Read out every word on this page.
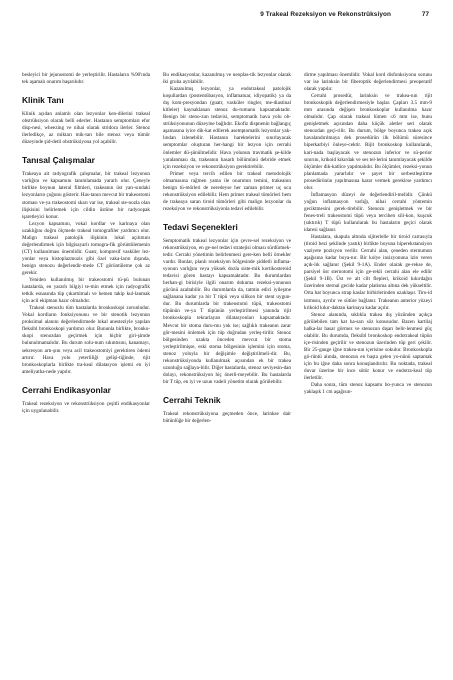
9 Trakeal Rezeksiyon ve Rekonstrüksiyon	77

besleyici bir jejunostomi de yerleştirilir. Hastaların %90'ında tek aşamalı onarım başarılıdır.

Klinik Tanı

Klinik açıdan anlamlı olan lezyonlar ken-dilerini trakeal obstrüksiyon olarak belli ederler. Hastanın semptomları efor disp-nesi, wheezing ve nihai olarak stridora ilerler. Stenoz ilerledikçe, az miktarı mik-tarı bile stenoz veya tümör düzeyinde şid-detli obstrüksiyona yol açabilir.

Tanısal Çalışmalar

Trakeaya ait radyografik çalışmalar, bir trakeal lezyonun varlığını ve kapsamını tanımlamada yararlı olur. Çeneyle birlikte boynun lateral filmleri, trakeanın üst yarı-sındaki lezyonların çoğunu gösterir. Has-tanın mevcut bir trakeostomi stoması ve-ya trakeostomi skarı var ise, trakeal ste-nozla olan ilişkisini belirlemek için cildin üstüne bir radyoopak işaretleyici konur.

Lezyon kapsamını, vokal kordlar ve karinaya olan uzaklığını doğru ölçmede trakeal tomografiler yardımcı olur. Malign trakeal patolojik ilişkinin lokal açılımını değerlendirmek için bilgisayarlı tomogra-fik görüntülemenin (CT) kullanılması önemlidir. Guatr, kompresif vasküler lez-yonlar veya histoplazmozis gibi özel vaka-ların dışında, benign stenozu değerlendir-mede CT görüntüleme çok az gerekir.

Yeniden kullanılmış bir trakeostomi tü-pü bulunan hastalarda, en yararlı bilgiyi te-min etmek için radyografik tetkik esnasında tüp çıkartılmalı ve hemen takip kul-lanmak için acil ekipman hazır olmalıdır.

Trakeal stenozlu tüm hastalarda bronkoskopi zorunludur. Vokal kordların fonksiyonunu ve bir stenotik lezyonun proksimal alanını değerlendirmede lokal anesteziyle yapılan fleksibl bronkoskopi yardımcı olur. Bununla birlikte, bronko-skopi stenozdan geçirmek için hiçbir giri-şimde bulunulmamalıdır. Bu durum solu-num sıkıntısını, kanamayı, sekresyon artı-şını veya acil trakeostomiyi gerektiren ödemi artırır. Hava yolu yeterliliği gelişi-tiğinde, rijit bronkoskoplarla birlikte tra-keal dilatasyon işlemi en iyi ameliyatha-nede yapılır.

Cerrahi Endikasyonlar

Trakeal rezeksiyon ve rekonstrüksiyon çeşitli endikasyonlar için uygulanabilir.

Bu endikasyonlar, kazanılmış ve neoplas-tik lezyonlar olarak iki gruba ayrılabilir.

Kazanılmış lezyonlar, ya endotrakeal patolojik koşullardan (postentübasyon, inflamatuar, idiyopatik) ya da dış kom-presyondan (guatr, vasküler ringler, me-diastinal kitleler) kaynaklanan stenoz du-rumunu kapsamaktadır. Benign bir steno-zun tedavisi, semptomatik hava yolu ob-strüksiyonunun düzeyine bağlıdır. Ekofiz dispnenin bağlangıç aşamasına iyice dik-kat edilerek asemptomatik lezyonlar yak-lından izlenebilir. Hastanın harektelerini sınırlayacak semptomlar oluşturan her-hangi bir lezyon için cerrahi önlemler dü-şünülmelidir. Hava yolunun travmatik şe-kilde yaralanması da, trakeanın hasarlı bölümünü debride etmek için rezeksiyon ve rekonstrüksiyon gerektirebilir.

Primer veya tercih edilen bir trakeal metodolojik olmamasına rağmen yama ile onarımın temini, trakeanın benign tü-mörleri de neredeyse her zaman primer uç uca rekonstrüksiyon edilebilir. Hem primer trakeal tümörleri hem de trakeaya saran tiroid tümörleri gibi malign lezyonlar da rezeksiyon ve rekonstrüksiyonla tedavi edilebilir.

Tedavi Seçenekleri

Semptomatik trakeal lezyonlar için çevre-sel rezeksiyon ve rekonstrüksiyon, en ge-nel tedavi stratejisi olması sürdürmek-tedir. Cerrahi yönetimin belirlenmesi gere-ken belli örnekler vardır. Bunlar, planlı rezeksiyon bölgesinde şiddetli inflama-syonun varlığını veya yüksek dozla siste-mik kortikosteroid tedavisi gören hastayı kapsamaktadır. Bu durumlardan herhan-gi birisiyle ilgili onarım dokuma rezeksi-yonunun gücünü azaltabilir. Bu durumlarda da, tatmin edici iyileşme sağlanana kadar ya bir T tüpü veya silikon bir stent uygun-dur. Bu durumlarda bir trakeostomi tüpü, trakeostomi tüpünün ve-ya T tüpünün yerleştirilmesi yanında rijit bronkoskopla tekrarlayan dilatasyonları kapsamaktadır. Mevcut bir stoma duru-mu yok ise; sağlıklı trakeanın zarar gör-mesini önlemek için tüp doğrudan yerleş-tirilir. Stenoz bölgesinden uzakta önceden mevcut bir stoma yerleştirilmişse, eski stoma bölgesinin işlemini için stoma, stenoz yoluyla bir değişimle değiştirilmeli-dir. Bu, rekonstrüksiyonda kullanılmak açısından ek bir trakea uzunluğu sağlaya-bilir. Diğer hastalarda, stenoz seviyesin-dan dolayı, rekonstrüksiyon hiç önerli-meyebilir. Bu hastalarda bir T tüp, en iyi ve uzun vadeli yönetim olarak görülebilir.

Cerrahi Teknik

Trakeal rekonstrüksiyona geçmeden önce, larinkse dair bütünlüğe bir değerlen-

dirme yapılması önemlidir. Vokal kord disfonksiyonu sorunu var ise larinksin bir fiberoptik değerlendirmesi preoperatif olarak yapılır.

Cerrahi prosedür, larinksin ve trakea-nın rijit bronkoskopik değerlendirmesiyle başlar. Çapları 3.5 mm-9 mm arasında değişen bronkoskoplar kullanılma hazır olmalıdır. Çap olarak trakeal lümen ≤6 mm ise, bunu genişletmek açısından daha küçük aletler seri olarak stenozdan geçi-rilir. Bu durum, bölge boyunca trakea açık havalandırılmaya dek prosedürün ilk bölümü süresince hiperkarbiyi önleye-cektir. Rijit bronkoskop kullanılarak, kari-nada başlayacak ve stenozun inferior ve sü-perior sınırını, krikoid kıkırdak ve ses tel-lerini tanımlayacak şekilde ölçümler dik-katlice yapılmalıdır. Bu ölçümler, rezeksi-yonun planlamada yararlıdır ve şayet bir serbestleştirme prosedürünün yapılmasına karar vermek gerekirse yardımcı olur.

İnflamasyon düzeyi de değerlendiril-melidir. Çünkü yoğun inflamasyon varlığı, nihai cerrahi yöntemin geciktmesini gerek-tirebilir. Stenozu genişletmek ve bir fenes-treli trakeostomi tüpü veya tercihen sili-kon, kuşcuk (sıktırık) T tüpü kullanılarak bu hastaların geçici olarak idaresi sağlanır.

Hastalara, skapula altında sijiterlelle bir tiroid carrasıyla (tiroid bezi şeklinde yastık) birlikte boyuna hiperekstansiyon vaziyete pozisyon verilir. Cerrahi alan, çeneden sternumun aşağısına kadar boya-nır. Bir kolye insizyonuna izin veren açık-lık sağlanır (Şekil 9-1A). Ender olarak ge-rekse de, parsiyel üst sternotomi için ge-rekli cerrahi alan ele edilir (Şekil 9-1B). Üst ve alt cilt flepleri, krikoid kıkırdağın üzerinden sternal gecide kadar platisma altına dek yükseltilir. Orta hat boyunca strap kaslar birbirlerinden uzaklaşır. Tiro-id istmusu, ayrılır ve sütüre bağlanır. Trakeanın anterior yüzeyi krikoid kıkır-daktan karinaya kadar açılır.

Stenoz alanında, sıklıkla trakea dış yüzünden açıkça görülebilen tam kat ha-sarı söz konusudur. Bazen kartilaj halka-lar hasar görmez ve stenozun dışarı belir-lenmesi güç olabilir. Bu durumda, fleksibl bronkoskop endotrakeal tüpün içe-risinden geçirilir ve stenozun üzerinden tüp geri çekilir. Bir 25-gauge iğne trakea-nın içerisine sokulur. Bronkoskopla gö-rüntü alında, stenozun en başta gelen yo-nünü saptamak için bu iğne daha sonra konuşlandırılır. Bu noktada, trakeal duvar üzerine bir ince sütür konur ve endotra-keal tüp ilerletilir.

Daha sonra, tüm stenoz kapsamı bo-yunca ve stenozun yaklaşık 1 cm aşağısın-
